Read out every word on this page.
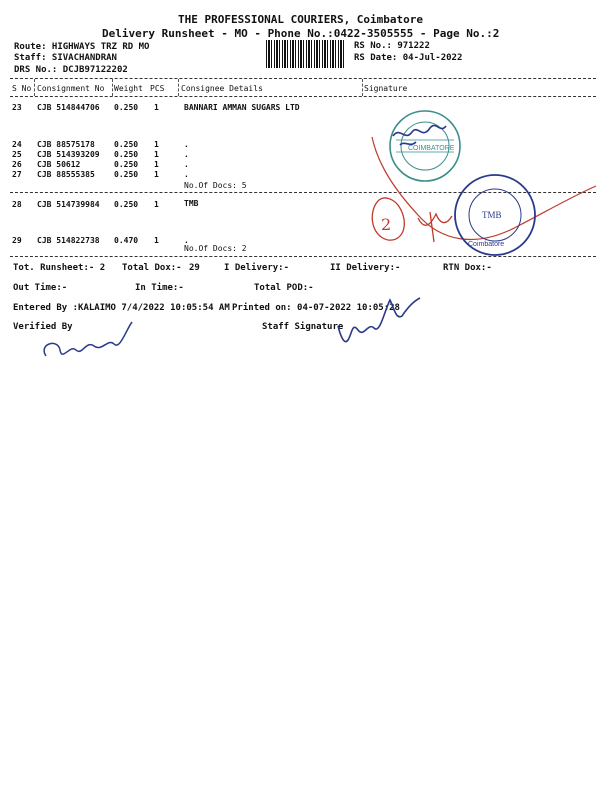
THE PROFESSIONAL COURIERS, Coimbatore
Delivery Runsheet - MO - Phone No.:0422-3505555 - Page No.:2
Route: HIGHWAYS TRZ RD MO
Staff: SIVACHANDRAN
DRS No.: DCJB97122202
RS No.: 971222
RS Date: 04-Jul-2022
S No Consignment No Weight PCS Consignee Details	Signature
23 CJB 514844706 0.250 1	BANNARI AMMAN SUGARS LTD
24 CJB 88575178 0.250 1	.
25 CJB 514393209 0.250 1	.
26 CJB 50612	0.250 1	.
27 CJB 88555385 0.250 1	.
No.Of Docs: 5
28 CJB 514739984 0.250 1	TMB
29 CJB 514822738 0.470 1	.
No.Of Docs: 2
Tot. Runsheet:- 2 Total Dox:- 29	I Delivery:-	II Delivery:-	RTN Dox:-
Out Time:-	In Time:-	Total POD:-
Entered By :KALAIMO 7/4/2022 10:05:54 AM Printed on: 04-07-2022 10:05:28
Verified By	Staff Signature
COIMBATORE
2	TMB
Coimbatore
